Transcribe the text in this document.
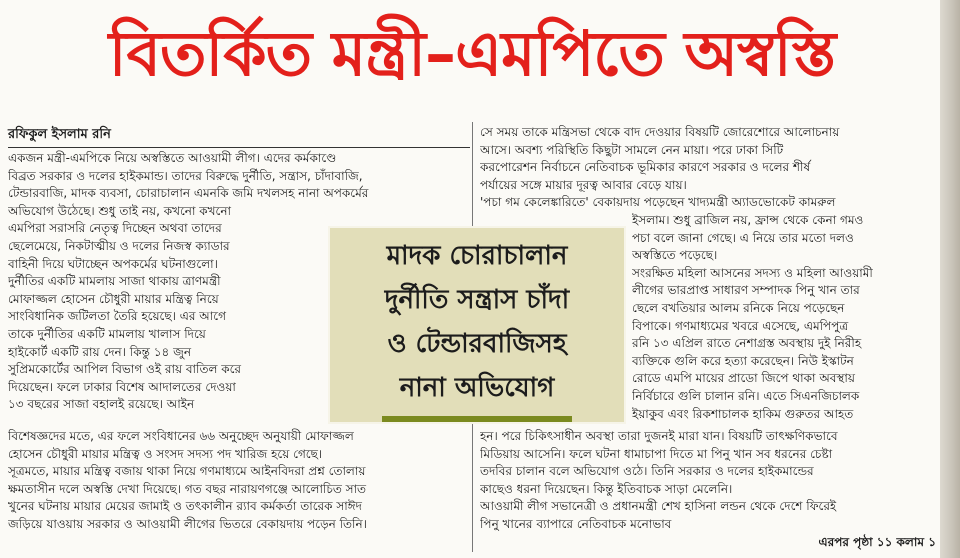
বিতর্কিত মন্ত্রী–এমপিতে অস্বস্তি
রফিকুল ইসলাম রনি
একজন মন্ত্রী-এমপিকে নিয়ে অস্বস্তিতে আওয়ামী লীগ। এদের কর্মকাণ্ডে
বিব্রত সরকার ও দলের হাইকমান্ড। তাদের বিরুদ্ধে দুর্নীতি, সন্ত্রাস, চাঁদাবাজি,
টেন্ডারবাজি, মাদক ব্যবসা, চোরাচালান এমনকি জমি দখলসহ নানা অপকর্মের
অভিযোগ উঠেছে। শুধু তাই নয়, কখনো কখনো
এমপিরা সরাসরি নেতৃত্ব দিচ্ছেন অথবা তাদের
ছেলেমেয়ে, নিকটাত্মীয় ও দলের নিজস্ব ক্যাডার
বাহিনী দিয়ে ঘটাচ্ছেন অপকর্মের ঘটনাগুলো।
দুর্নীতির একটি মামলায় সাজা থাকায় ত্রাণমন্ত্রী
মোফাজ্জল হোসেন চৌধুরী মায়ার মন্ত্রিত্ব নিয়ে
সাংবিধানিক জটিলতা তৈরি হয়েছে। এর আগে
তাকে দুর্নীতির একটি মামলায় খালাস দিয়ে
হাইকোর্ট একটি রায় দেন। কিন্তু ১৪ জুন
সুপ্রিমকোর্টের আপিল বিভাগ ওই রায় বাতিল করে
দিয়েছেন। ফলে ঢাকার বিশেষ আদালতের দেওয়া
১৩ বছরের সাজা বহালই রয়েছে। আইন
বিশেষজ্ঞদের মতে, এর ফলে সংবিধানের ৬৬ অনুচ্ছেদ অনুযায়ী মোফাজ্জল
হোসেন চৌধুরী মায়ার মন্ত্রিত্ব ও সংসদ সদস্য পদ খারিজ হয়ে গেছে।
সূত্রমতে, মায়ার মন্ত্রিত্ব বজায় থাকা নিয়ে গণমাধ্যমে আইনবিদরা প্রশ্ন তোলায়
ক্ষমতাসীন দলে অস্বস্তি দেখা দিয়েছে। গত বছর নারায়ণগঞ্জে আলোচিত সাত
খুনের ঘটনায় মায়ার মেয়ের জামাই ও তৎকালীন র‍্যাব কর্মকর্তা তারেক সাঈদ
জড়িয়ে যাওয়ায় সরকার ও আওয়ামী লীগের ভিতরে বেকায়দায় পড়েন তিনি।
সে সময় তাকে মন্ত্রিসভা থেকে বাদ দেওয়ার বিষয়টি জোরেশোরে আলোচনায়
আসে। অবশ্য পরিস্থিতি কিছুটা সামলে নেন মায়া। পরে ঢাকা সিটি
করপোরেশন নির্বাচনে নেতিবাচক ভূমিকার কারণে সরকার ও দলের শীর্ষ
পর্যায়ের সঙ্গে মায়ার দূরত্ব আবার বেড়ে যায়।
'পচা গম কেলেঙ্কারিতে' বেকায়দায় পড়েছেন খাদ্যমন্ত্রী অ্যাডভোকেট কামরুল
ইসলাম। শুধু ব্রাজিল নয়, ফ্রান্স থেকে কেনা গমও
পচা বলে জানা গেছে। এ নিয়ে তার মতো দলও
অস্বস্তিতে পড়েছে।
সংরক্ষিত মহিলা আসনের সদস্য ও মহিলা আওয়ামী
লীগের ভারপ্রাপ্ত সাধারণ সম্পাদক পিনু খান তার
ছেলে বখতিয়ার আলম রনিকে নিয়ে পড়েছেন
বিপাকে। গণমাধ্যমের খবরে এসেছে, এমপিপুত্র
রনি ১৩ এপ্রিল রাতে নেশাগ্রস্ত অবস্থায় দুই নিরীহ
ব্যক্তিকে গুলি করে হত্যা করেছেন। নিউ ইস্কাটন
রোডে এমপি মায়ের প্রাডো জিপে থাকা অবস্থায়
নির্বিচারে গুলি চালান রনি। এতে সিএনজিচালক
ইয়াকুব এবং রিকশাচালক হাকিম গুরুতর আহত
হন। পরে চিকিৎসাধীন অবস্থা তারা দুজনই মারা যান। বিষয়টি তাৎক্ষণিকভাবে
মিডিয়ায় আসেনি। ফলে ঘটনা ধামাচাপা দিতে মা পিনু খান সব ধরনের চেষ্টা
তদবির চালান বলে অভিযোগ ওঠে। তিনি সরকার ও দলের হাইকমান্ডের
কাছেও ধরনা দিয়েছেন। কিন্তু ইতিবাচক সাড়া মেলেনি।
আওয়ামী লীগ সভানেত্রী ও প্রধানমন্ত্রী শেখ হাসিনা লন্ডন থেকে দেশে ফিরেই
পিনু খানের ব্যাপারে নেতিবাচক মনোভাব
মাদক চোরাচালান
দুর্নীতি সন্ত্রাস চাঁদা
ও টেন্ডারবাজিসহ
নানা অভিযোগ
এরপর পৃষ্ঠা ১১ কলাম ১
